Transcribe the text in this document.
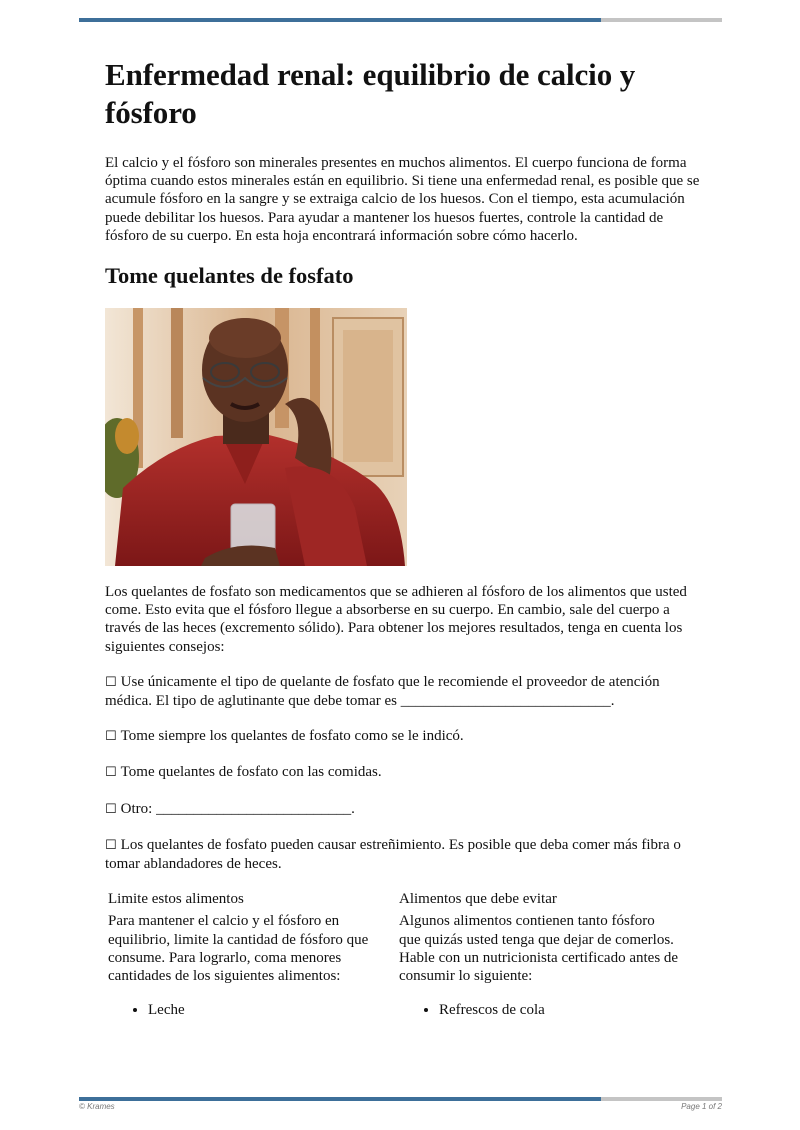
Enfermedad renal: equilibrio de calcio y fósforo

El calcio y el fósforo son minerales presentes en muchos alimentos. El cuerpo funciona de forma óptima cuando estos minerales están en equilibrio. Si tiene una enfermedad renal, es posible que se acumule fósforo en la sangre y se extraiga calcio de los huesos. Con el tiempo, esta acumulación puede debilitar los huesos. Para ayudar a mantener los huesos fuertes, controle la cantidad de fósforo de su cuerpo. En esta hoja encontrará información sobre cómo hacerlo.

Tome quelantes de fosfato

Los quelantes de fosfato son medicamentos que se adhieren al fósforo de los alimentos que usted come. Esto evita que el fósforo llegue a absorberse en su cuerpo. En cambio, sale del cuerpo a través de las heces (excremento sólido). Para obtener los mejores resultados, tenga en cuenta los siguientes consejos:

☐ Use únicamente el tipo de quelante de fosfato que le recomiende el proveedor de atención médica. El tipo de aglutinante que debe tomar es ____________________________.
☐ Tome siempre los quelantes de fosfato como se le indicó.
☐ Tome quelantes de fosfato con las comidas.
☐ Otro: __________________________.
☐ Los quelantes de fosfato pueden causar estreñimiento. Es posible que deba comer más fibra o tomar ablandadores de heces.
Limite estos alimentos
Para mantener el calcio y el fósforo en equilibrio, limite la cantidad de fósforo que consume. Para lograrlo, coma menores cantidades de los siguientes alimentos:
• Leche
Alimentos que debe evitar
Algunos alimentos contienen tanto fósforo que quizás usted tenga que dejar de comerlos. Hable con un nutricionista certificado antes de consumir lo siguiente:
• Refrescos de cola
© Krames	Page 1 of 2
